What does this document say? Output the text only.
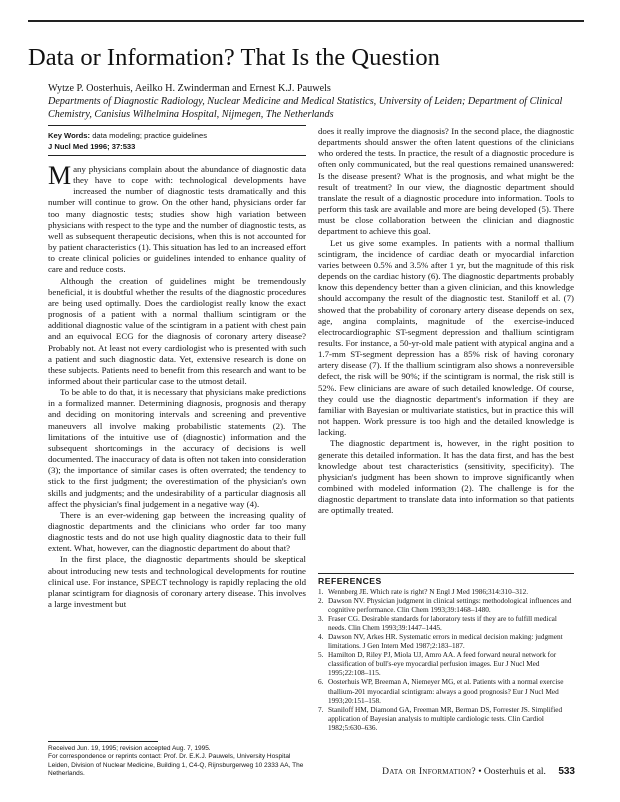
Data or Information? That Is the Question
Wytze P. Oosterhuis, Aeilko H. Zwinderman and Ernest K.J. Pauwels
Departments of Diagnostic Radiology, Nuclear Medicine and Medical Statistics, University of Leiden; Department of Clinical Chemistry, Canisius Wilhelmina Hospital, Nijmegen, The Netherlands
Key Words: data modeling; practice guidelines
J Nucl Med 1996; 37:533

Many physicians complain about the abundance of diagnostic data they have to cope with: technological developments have increased the number of diagnostic tests dramatically and this number will continue to grow. On the other hand, physicians order far too many diagnostic tests; studies show high variation between physicians with respect to the type and the number of diagnostic tests, as well as subsequent therapeutic decisions, when this is not accounted for by patient characteristics (1). This situation has led to an increased effort to create clinical policies or guidelines intended to enhance quality of care and reduce costs.

Although the creation of guidelines might be tremendously beneficial, it is doubtful whether the results of the diagnostic procedures are being used optimally. Does the cardiologist really know the exact prognosis of a patient with a normal thallium scintigram or the additional diagnostic value of the scintigram in a patient with chest pain and an equivocal ECG for the diagnosis of coronary artery disease? Probably not. At least not every cardiologist who is presented with such a patient and such diagnostic data. Yet, extensive research is done on these subjects. Patients need to benefit from this research and want to be informed about their particular case to the utmost detail.

To be able to do that, it is necessary that physicians make predictions in a formalized manner. Determining diagnosis, prognosis and therapy and deciding on monitoring intervals and screening and preventive maneuvers all involve making probabilistic statements (2). The limitations of the intuitive use of (diagnostic) information and the subsequent shortcomings in the accuracy of decisions is well documented. The inaccuracy of data is often not taken into consideration (3); the importance of similar cases is often overrated; the tendency to stick to the first judgment; the overestimation of the physician's own skills and judgments; and the undesirability of a particular diagnosis all affect the physician's final judgement in a negative way (4).

There is an ever-widening gap between the increasing quality of diagnostic departments and the clinicians who order far too many diagnostic tests and do not use high quality diagnostic data to their full extent. What, however, can the diagnostic department do about that?

In the first place, the diagnostic departments should be skeptical about introducing new tests and technological developments for routine clinical use. For instance, SPECT technology is rapidly replacing the old planar scintigram for diagnosis of coronary artery disease. This involves a large investment but

does it really improve the diagnosis? In the second place, the diagnostic departments should answer the often latent questions of the clinicians who ordered the tests. In practice, the result of a diagnostic procedure is often only communicated, but the real questions remained unanswered: Is the disease present? What is the prognosis, and what might be the result of treatment? In our view, the diagnostic department should translate the result of a diagnostic procedure into information. Tools to perform this task are available and more are being developed (5). There must be close collaboration between the clinician and diagnostic department to achieve this goal.

Let us give some examples. In patients with a normal thallium scintigram, the incidence of cardiac death or myocardial infarction varies between 0.5% and 3.5% after 1 yr, but the magnitude of this risk depends on the cardiac history (6). The diagnostic departments probably know this dependency better than a given clinician, and this knowledge should accompany the result of the diagnostic test. Staniloff et al. (7) showed that the probability of coronary artery disease depends on sex, age, angina complaints, magnitude of the exercise-induced electrocardiographic ST-segment depression and thallium scintigram results. For instance, a 50-yr-old male patient with atypical angina and a 1.7-mm ST-segment depression has a 85% risk of having coronary artery disease (7). If the thallium scintigram also shows a nonreversible defect, the risk will be 90%; if the scintigram is normal, the risk still is 52%. Few clinicians are aware of such detailed knowledge. Of course, they could use the diagnostic department's information if they are familiar with Bayesian or multivariate statistics, but in practice this will not happen. Work pressure is too high and the detailed knowledge is lacking.

The diagnostic department is, however, in the right position to generate this detailed information. It has the data first, and has the best knowledge about test characteristics (sensitivity, specificity). The physician's judgment has been shown to improve significantly when combined with modeled information (2). The challenge is for the diagnostic department to translate data into information so that patients are optimally treated.

REFERENCES
1. Wennberg JE. Which rate is right? N Engl J Med 1986;314:310–312.
2. Dawson NV. Physician judgment in clinical settings: methodological influences and cognitive performance. Clin Chem 1993;39:1468–1480.
3. Fraser CG. Desirable standards for laboratory tests if they are to fulfill medical needs. Clin Chem 1993;39:1447–1445.
4. Dawson NV, Arkes HR. Systematic errors in medical decision making: judgment limitations. J Gen Intern Med 1987;2:183–187.
5. Hamilton D, Riley PJ, Miola UJ, Amro AA. A feed forward neural network for classification of bull's-eye myocardial perfusion images. Eur J Nucl Med 1995;22:108–115.
6. Oosterhuis WP, Breeman A, Niemeyer MG, et al. Patients with a normal exercise thallium-201 myocardial scintigram: always a good prognosis? Eur J Nucl Med 1993;20:151–158.
7. Staniloff HM, Diamond GA, Freeman MR, Berman DS, Forrester JS. Simplified application of Bayesian analysis to multiple cardiologic tests. Clin Cardiol 1982;5:630–636.

Received Jun. 19, 1995; revision accepted Aug. 7, 1995.

For correspondence or reprints contact: Prof. Dr. E.K.J. Pauwels, University Hospital Leiden, Division of Nuclear Medicine, Building 1, C4-Q, Rijnsburgerweg 10 2333 AA, The Netherlands.	Data or Information? • Oosterhuis et al. 533
